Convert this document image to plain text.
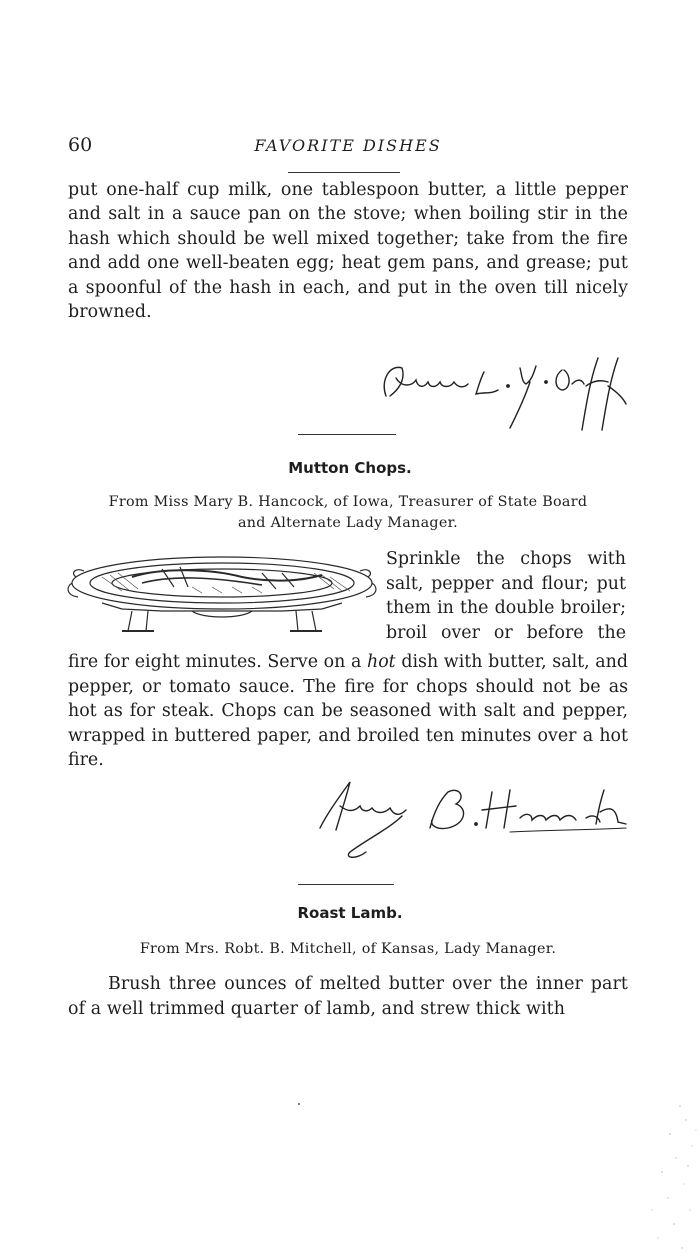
60	FAVORITE DISHES

put one-half cup milk, one tablespoon butter, a little pepper and salt in a sauce pan on the stove; when boiling stir in the hash which should be well mixed together; take from the fire and add one well-beaten egg; heat gem pans, and grease; put a spoonful of the hash in each, and put in the oven till nicely browned.

Mutton Chops.
From Miss Mary B. Hancock, of Iowa, Treasurer of State Board
and Alternate Lady Manager.
Sprinkle the chops with
salt, pepper and flour; put
them in the double broiler;
broil over or before the

fire for eight minutes. Serve on a hot dish with butter, salt, and pepper, or tomato sauce. The fire for chops should not be as hot as for steak. Chops can be seasoned with salt and pepper, wrapped in buttered paper, and broiled ten minutes over a hot fire.

Roast Lamb.
From Mrs. Robt. B. Mitchell, of Kansas, Lady Manager.

Brush three ounces of melted butter over the inner part of a well trimmed quarter of lamb, and strew thick with
